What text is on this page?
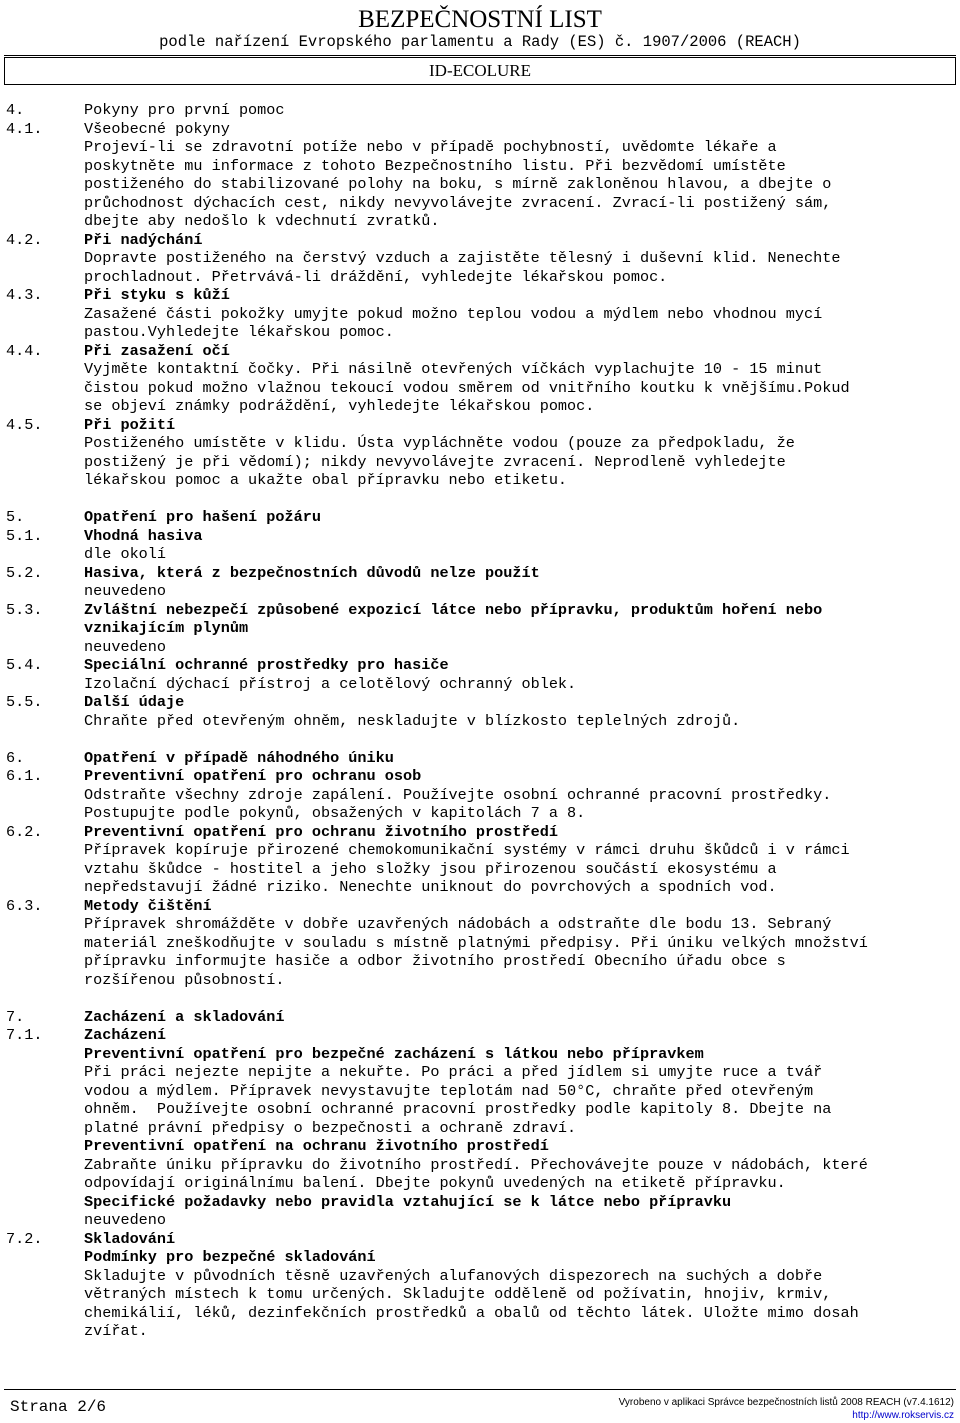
BEZPEČNOSTNÍ LIST
podle nařízení Evropského parlamentu a Rady (ES) č. 1907/2006 (REACH)
ID-ECOLURE
4.	Pokyny pro první pomoc
4.1.	Všeobecné pokyny
Projeví-li se zdravotní potíže nebo v případě pochybností, uvědomte lékaře a
poskytněte mu informace z tohoto Bezpečnostního listu. Při bezvědomí umístěte
postiženého do stabilizované polohy na boku, s mírně zakloněnou hlavou, a dbejte o
průchodnost dýchacích cest, nikdy nevyvolávejte zvracení. Zvrací-li postižený sám,
dbejte aby nedošlo k vdechnutí zvratků.
4.2.	Při nadýchání
Dopravte postiženého na čerstvý vzduch a zajistěte tělesný i duševní klid. Nenechte
prochladnout. Přetrvává-li dráždění, vyhledejte lékařskou pomoc.
4.3.	Při styku s kůží
Zasažené části pokožky umyjte pokud možno teplou vodou a mýdlem nebo vhodnou mycí
pastou.Vyhledejte lékařskou pomoc.
4.4.	Při zasažení očí
Vyjměte kontaktní čočky. Při násilně otevřených víčkách vyplachujte 10 - 15 minut
čistou pokud možno vlažnou tekoucí vodou směrem od vnitřního koutku k vnějšímu.Pokud
se objeví známky podráždění, vyhledejte lékařskou pomoc.
4.5.	Při požití
Postiženého umístěte v klidu. Ústa vypláchněte vodou (pouze za předpokladu, že
postižený je při vědomí); nikdy nevyvolávejte zvracení. Neprodleně vyhledejte
lékařskou pomoc a ukažte obal přípravku nebo etiketu.
5.	Opatření pro hašení požáru
5.1.	Vhodná hasiva
dle okolí
5.2.	Hasiva, která z bezpečnostních důvodů nelze použít
neuvedeno
5.3.	Zvláštní nebezpečí způsobené expozicí látce nebo přípravku, produktům hoření nebo
vznikajícím plynům
neuvedeno
5.4.	Speciální ochranné prostředky pro hasiče
Izolační dýchací přístroj a celotělový ochranný oblek.
5.5.	Další údaje
Chraňte před otevřeným ohněm, neskladujte v blízkosto teplelných zdrojů.
6.	Opatření v případě náhodného úniku
6.1.	Preventivní opatření pro ochranu osob
Odstraňte všechny zdroje zapálení. Používejte osobní ochranné pracovní prostředky.
Postupujte podle pokynů, obsažených v kapitolách 7 a 8.
6.2.	Preventivní opatření pro ochranu životního prostředí
Přípravek kopíruje přirozené chemokomunikační systémy v rámci druhu škůdců i v rámci
vztahu škůdce - hostitel a jeho složky jsou přirozenou součástí ekosystému a
nepředstavují žádné riziko. Nenechte uniknout do povrchových a spodních vod.
6.3.	Metody čištění
Přípravek shromážděte v dobře uzavřených nádobách a odstraňte dle bodu 13. Sebraný
materiál zneškodňujte v souladu s místně platnými předpisy. Při úniku velkých množství
přípravku informujte hasiče a odbor životního prostředí Obecního úřadu obce s
rozšířenou působností.
7.	Zacházení a skladování
7.1.	Zacházení
Preventivní opatření pro bezpečné zacházení s látkou nebo přípravkem
Při práci nejezte nepijte a nekuřte. Po práci a před jídlem si umyjte ruce a tvář
vodou a mýdlem. Přípravek nevystavujte teplotám nad 50°C, chraňte před otevřeným
ohněm.  Používejte osobní ochranné pracovní prostředky podle kapitoly 8. Dbejte na
platné právní předpisy o bezpečnosti a ochraně zdraví.
Preventivní opatření na ochranu životního prostředí
Zabraňte úniku přípravku do životního prostředí. Přechovávejte pouze v nádobách, které
odpovídají originálnímu balení. Dbejte pokynů uvedených na etiketě přípravku.
Specifické požadavky nebo pravidla vztahující se k látce nebo přípravku
neuvedeno
7.2.	Skladování
Podmínky pro bezpečné skladování
Skladujte v původních těsně uzavřených alufanových dispezorech na suchých a dobře
větraných místech k tomu určených. Skladujte odděleně od požívatin, hnojiv, krmiv,
chemikálií, léků, dezinfekčních prostředků a obalů od těchto látek. Uložte mimo dosah
zvířat.
Strana 2/6	Vyrobeno v aplikaci Správce bezpečnostních listů 2008 REACH (v7.4.1612)
http://www.rokservis.cz
